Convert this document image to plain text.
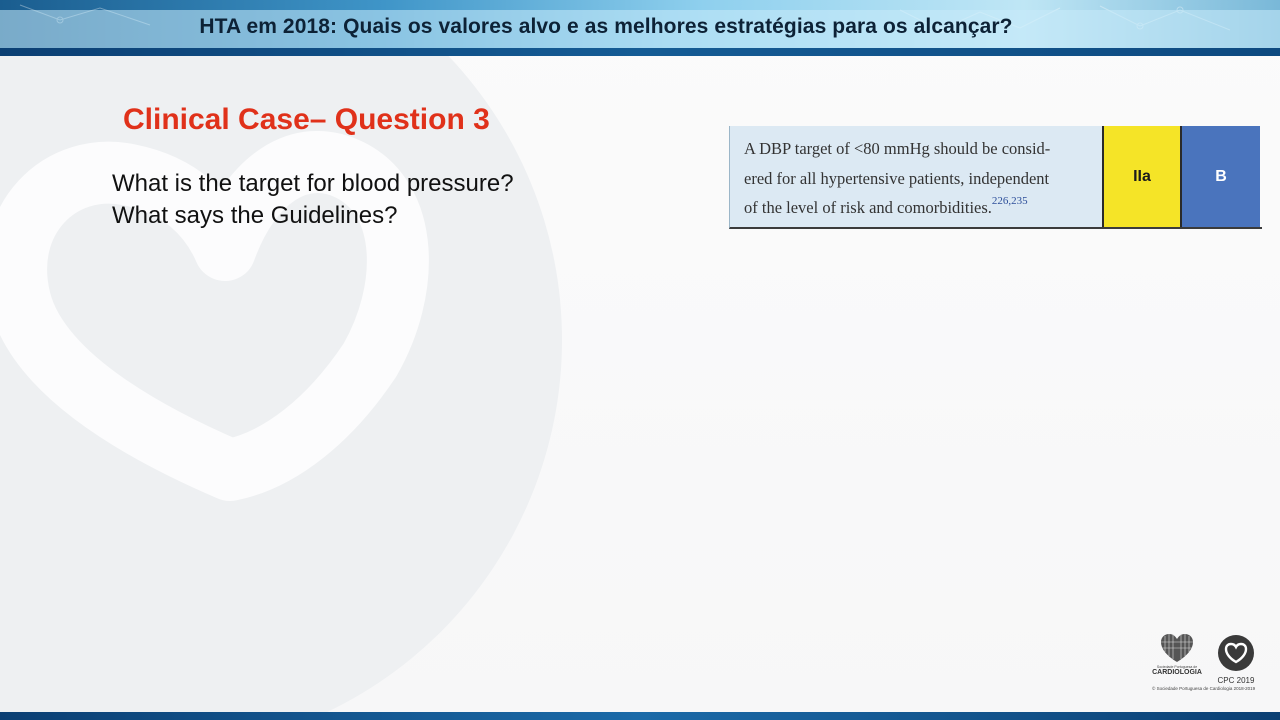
HTA em 2018: Quais os valores alvo e as melhores estratégias para os alcançar?
Clinical Case– Question 3
What is the target for blood pressure?
What says the Guidelines?
A DBP target of <80 mmHg should be consid-
ered for all hypertensive patients, independent
of the level of risk and comorbidities.$^{226,235}$
IIa	B
Sociedade Portuguesa de
CARDIOLOGIA
CPC 2019
© Sociedade Portuguesa de Cardiologia 2018-2019
